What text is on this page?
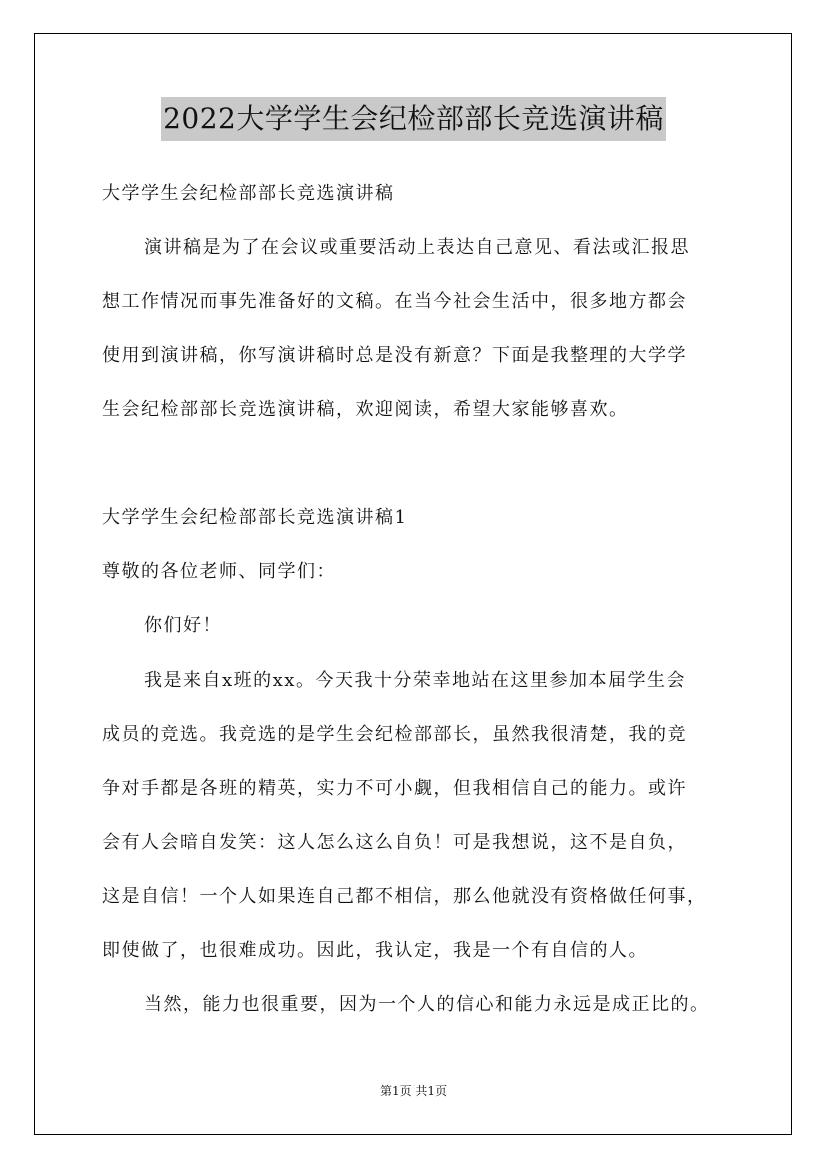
2022大学学生会纪检部部长竞选演讲稿
大学学生会纪检部部长竞选演讲稿
演讲稿是为了在会议或重要活动上表达自己意见、看法或汇报思
想工作情况而事先准备好的文稿。在当今社会生活中，很多地方都会
使用到演讲稿，你写演讲稿时总是没有新意？下面是我整理的大学学
生会纪检部部长竞选演讲稿，欢迎阅读，希望大家能够喜欢。
大学学生会纪检部部长竞选演讲稿1
尊敬的各位老师、同学们：
你们好！
我是来自x班的xx。今天我十分荣幸地站在这里参加本届学生会
成员的竞选。我竞选的是学生会纪检部部长，虽然我很清楚，我的竞
争对手都是各班的精英，实力不可小觑，但我相信自己的能力。或许
会有人会暗自发笑：这人怎么这么自负！可是我想说，这不是自负，
这是自信！一个人如果连自己都不相信，那么他就没有资格做任何事，
即使做了，也很难成功。因此，我认定，我是一个有自信的人。
当然，能力也很重要，因为一个人的信心和能力永远是成正比的。
第1页 共1页
